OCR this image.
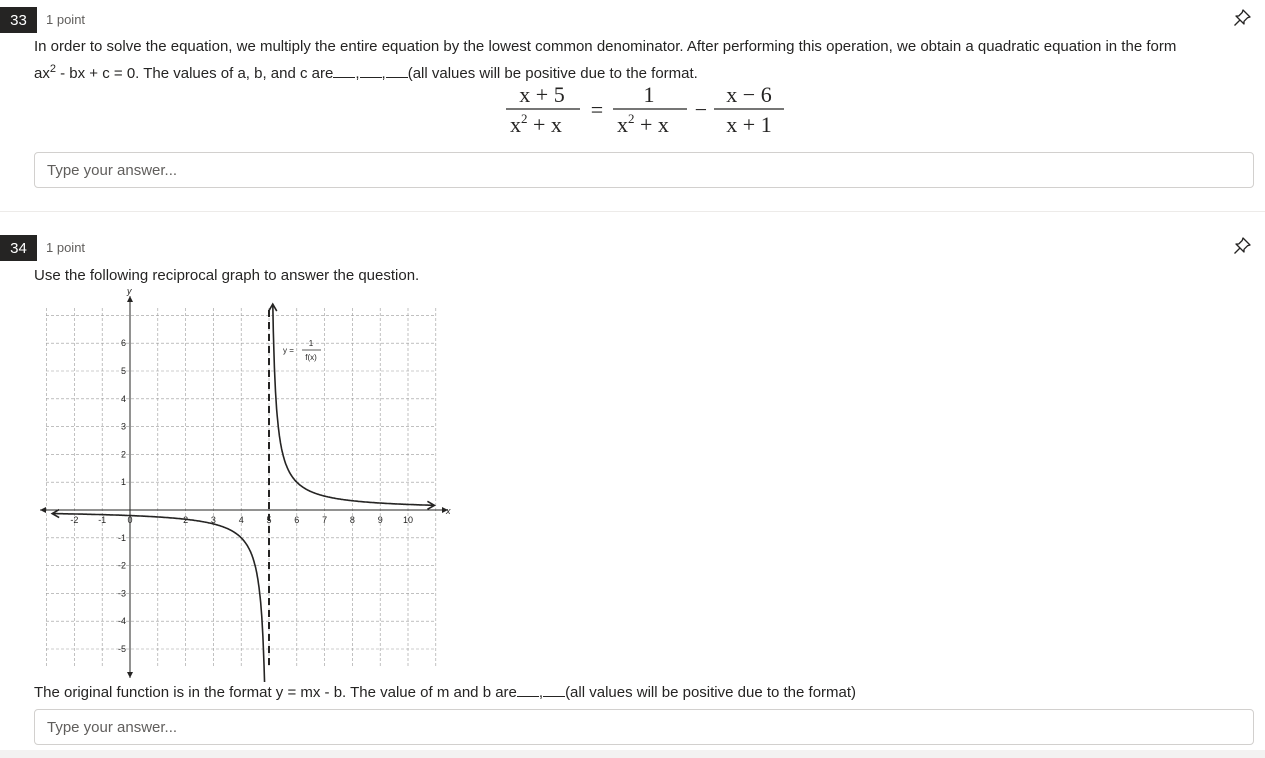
33	1 point
In order to solve the equation, we multiply the entire equation by the lowest common denominator. After performing this operation, we obtain a quadratic equation in the form
$ax^2$ - bx + c = 0. The values of a, b, and c are , , (all values will be positive due to the format.
x + 5
$x^2 + x$
=
1
$x^2 + x$
−
x − 6
x + 1
Type your answer...
34	1 point
Use the following reciprocal graph to answer the question.
-2 -1 0	2	3	4	5	6	7	8	9 10
6
5
4
3
2
1
-1
-2
-3
-4
-5
x
y
y =
1
f(x)
The original function is in the format y = mx - b. The value of m and b are , (all values will be positive due to the format)
Type your answer...
